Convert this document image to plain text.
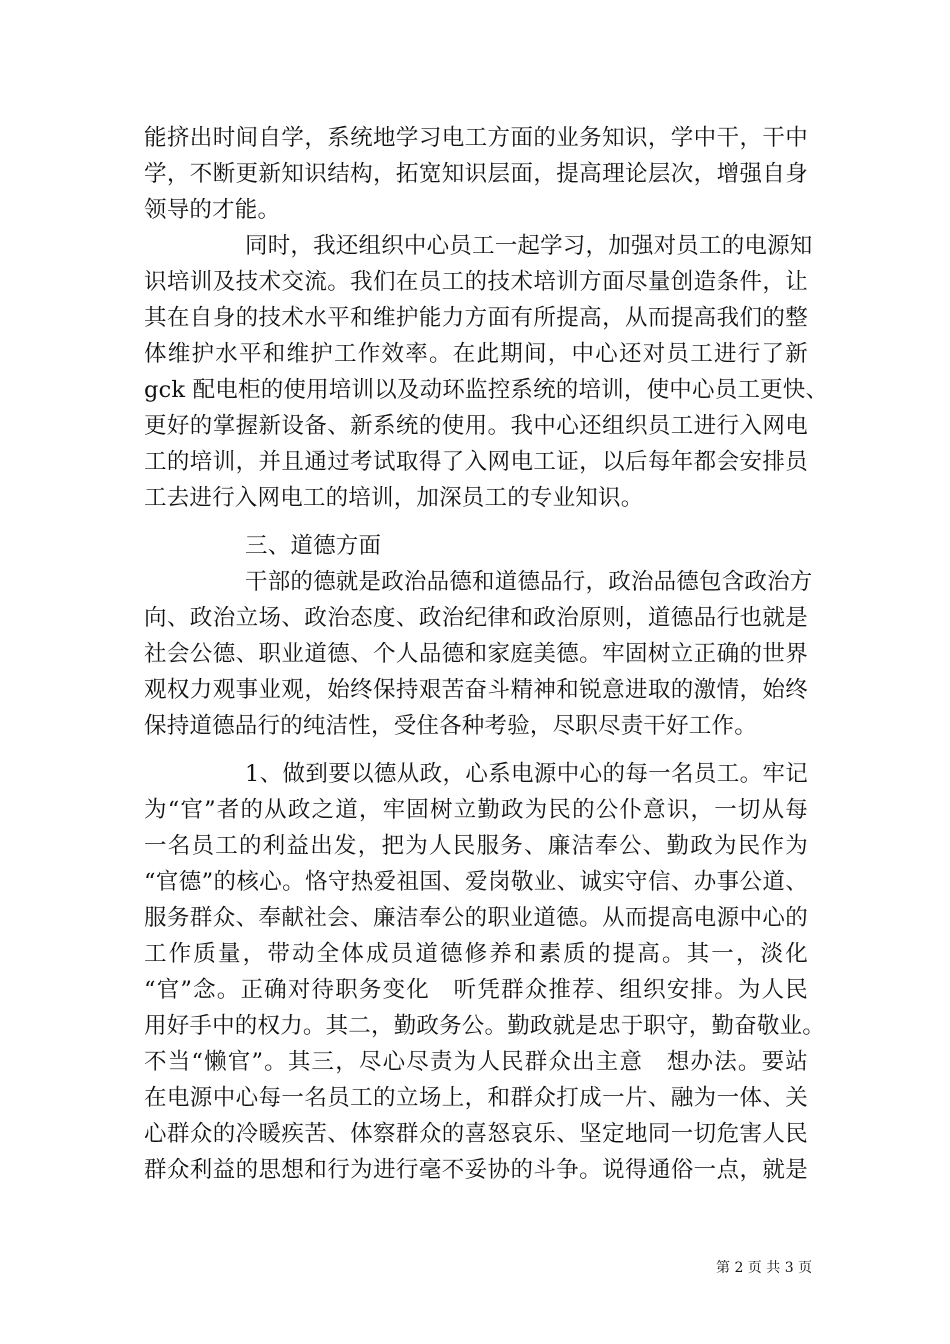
能挤出时间自学，系统地学习电工方面的业务知识，学中干，干中
学，不断更新知识结构，拓宽知识层面，提高理论层次，增强自身
领导的才能。
同时，我还组织中心员工一起学习，加强对员工的电源知
识培训及技术交流。我们在员工的技术培训方面尽量创造条件，让
其在自身的技术水平和维护能力方面有所提高，从而提高我们的整
体维护水平和维护工作效率。在此期间，中心还对员工进行了新
gck 配电柜的使用培训以及动环监控系统的培训，使中心员工更快、
更好的掌握新设备、新系统的使用。我中心还组织员工进行入网电
工的培训，并且通过考试取得了入网电工证，以后每年都会安排员
工去进行入网电工的培训，加深员工的专业知识。
三、道德方面
干部的德就是政治品德和道德品行，政治品德包含政治方
向、政治立场、政治态度、政治纪律和政治原则，道德品行也就是
社会公德、职业道德、个人品德和家庭美德。牢固树立正确的世界
观权力观事业观，始终保持艰苦奋斗精神和锐意进取的激情，始终
保持道德品行的纯洁性，受住各种考验，尽职尽责干好工作。
1、做到要以德从政，心系电源中心的每一名员工。牢记
为“官”者的从政之道，牢固树立勤政为民的公仆意识，一切从每
一名员工的利益出发，把为人民服务、廉洁奉公、勤政为民作为
“官德”的核心。恪守热爱祖国、爱岗敬业、诚实守信、办事公道、
服务群众、奉献社会、廉洁奉公的职业道德。从而提高电源中心的
工作质量，带动全体成员道德修养和素质的提高。其一，淡化
“官”念。正确对待职务变化　听凭群众推荐、组织安排。为人民
用好手中的权力。其二，勤政务公。勤政就是忠于职守，勤奋敬业。
不当“懒官”。其三，尽心尽责为人民群众出主意　想办法。要站
在电源中心每一名员工的立场上，和群众打成一片、融为一体、关
心群众的冷暖疾苦、体察群众的喜怒哀乐、坚定地同一切危害人民
群众利益的思想和行为进行毫不妥协的斗争。说得通俗一点，就是
第 2 页 共 3 页
